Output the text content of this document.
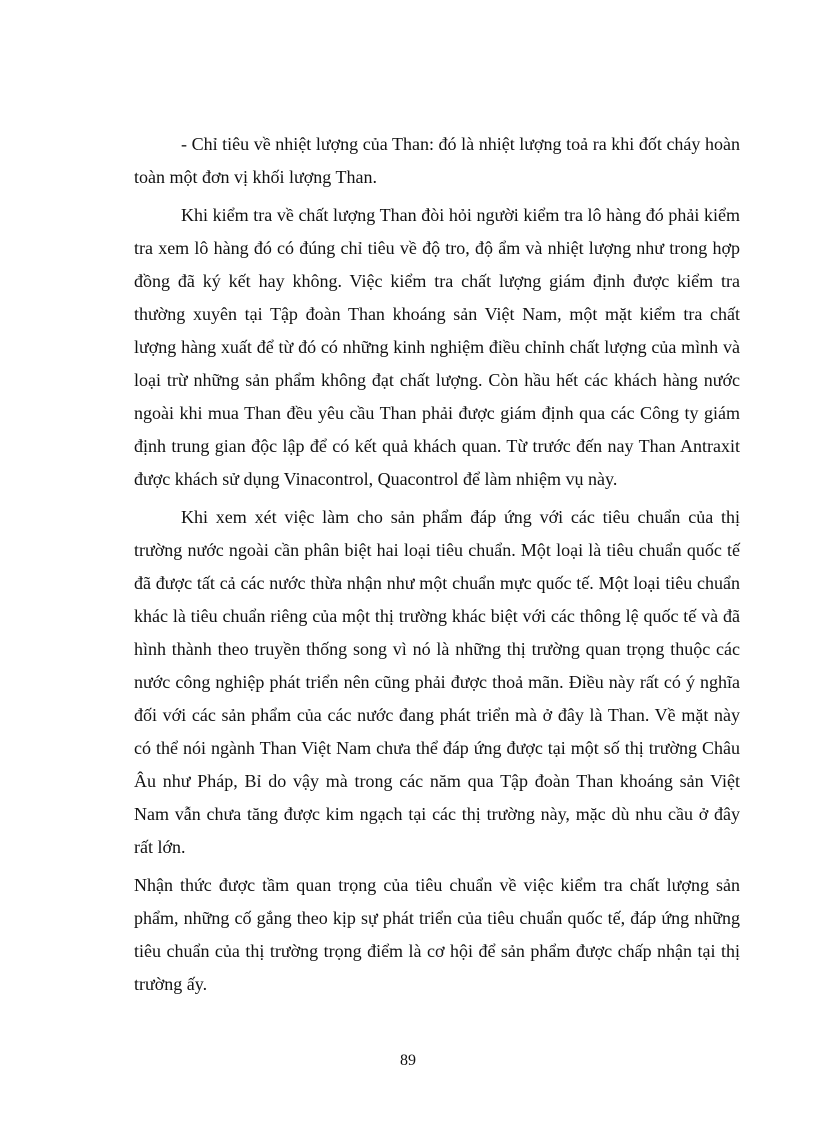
- Chỉ tiêu về nhiệt lượng của Than: đó là nhiệt lượng toả ra khi đốt cháy hoàn toàn một đơn vị khối lượng Than.

Khi kiểm tra về chất lượng Than đòi hỏi người kiểm tra lô hàng đó phải kiểm tra xem lô hàng đó có đúng chỉ tiêu về độ tro, độ ẩm và nhiệt lượng như trong hợp đồng đã ký kết hay không. Việc kiểm tra chất lượng giám định được kiểm tra thường xuyên tại Tập đoàn Than khoáng sản Việt Nam, một mặt kiểm tra chất lượng hàng xuất để từ đó có những kinh nghiệm điều chỉnh chất lượng của mình và loại trừ những sản phẩm không đạt chất lượng. Còn hầu hết các khách hàng nước ngoài khi mua Than đều yêu cầu Than phải được giám định qua các Công ty giám định trung gian độc lập để có kết quả khách quan. Từ trước đến nay Than Antraxit được khách sử dụng Vinacontrol, Quacontrol để làm nhiệm vụ này.

Khi xem xét việc làm cho sản phẩm đáp ứng với các tiêu chuẩn của thị trường nước ngoài cần phân biệt hai loại tiêu chuẩn. Một loại là tiêu chuẩn quốc tế đã được tất cả các nước thừa nhận như một chuẩn mực quốc tế. Một loại tiêu chuẩn khác là tiêu chuẩn riêng của một thị trường khác biệt với các thông lệ quốc tế và đã hình thành theo truyền thống song vì nó là những thị trường quan trọng thuộc các nước công nghiệp phát triển nên cũng phải được thoả mãn. Điều này rất có ý nghĩa đối với các sản phẩm của các nước đang phát triển mà ở đây là Than. Về mặt này có thể nói ngành Than Việt Nam chưa thể đáp ứng được tại một số thị trường Châu Âu như Pháp, Bỉ do vậy mà trong các năm qua Tập đoàn Than khoáng sản Việt Nam vẫn chưa tăng được kim ngạch tại các thị trường này, mặc dù nhu cầu ở đây rất lớn.

Nhận thức được tầm quan trọng của tiêu chuẩn về việc kiểm tra chất lượng sản phẩm, những cố gắng theo kịp sự phát triển của tiêu chuẩn quốc tế, đáp ứng những tiêu chuẩn của thị trường trọng điểm là cơ hội để sản phẩm được chấp nhận tại thị trường ấy.

89
